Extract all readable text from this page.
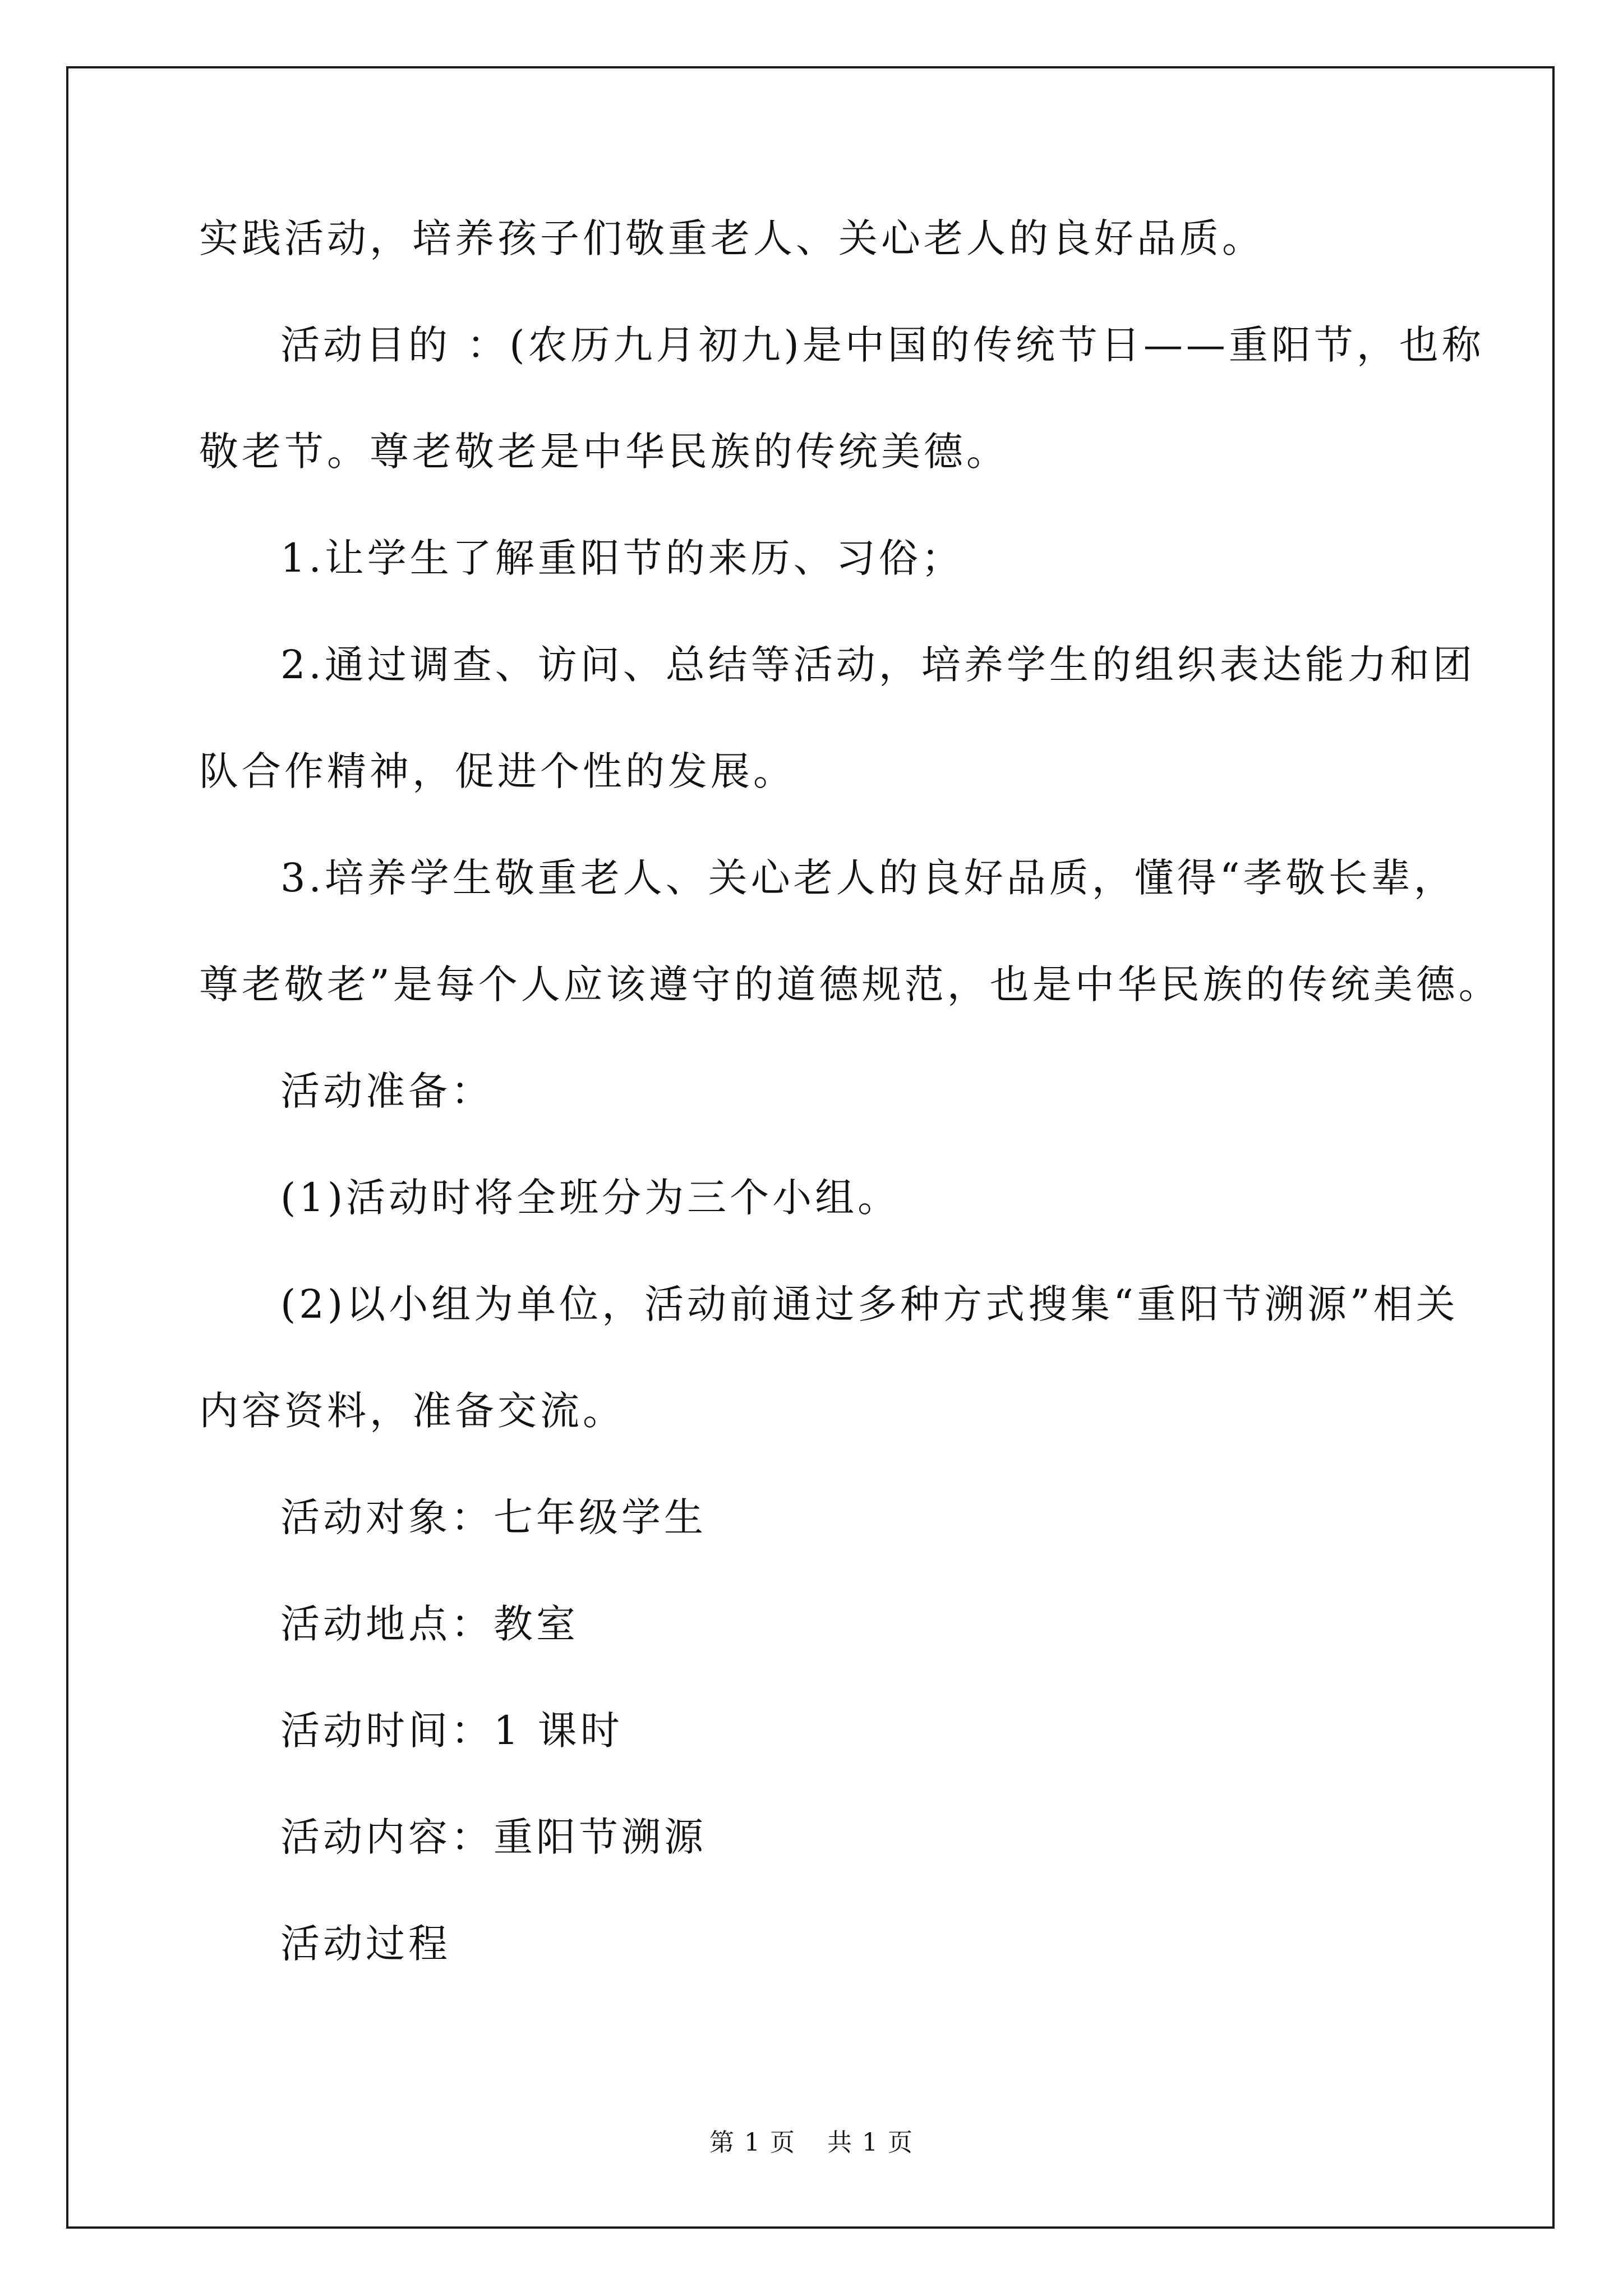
实践活动，培养孩子们敬重老人、关心老人的良好品质。
活动目的 ：(农历九月初九)是中国的传统节日——重阳节，也称
敬老节。尊老敬老是中华民族的传统美德。
1.让学生了解重阳节的来历、习俗；
2.通过调查、访问、总结等活动，培养学生的组织表达能力和团
队合作精神，促进个性的发展。
3.培养学生敬重老人、关心老人的良好品质，懂得“孝敬长辈，
尊老敬老”是每个人应该遵守的道德规范，也是中华民族的传统美德。
活动准备：
(1)活动时将全班分为三个小组。
(2)以小组为单位，活动前通过多种方式搜集“重阳节溯源”相关
内容资料，准备交流。
活动对象：七年级学生
活动地点：教室
活动时间：1 课时
活动内容：重阳节溯源
活动过程
第 1 页 共 1 页
